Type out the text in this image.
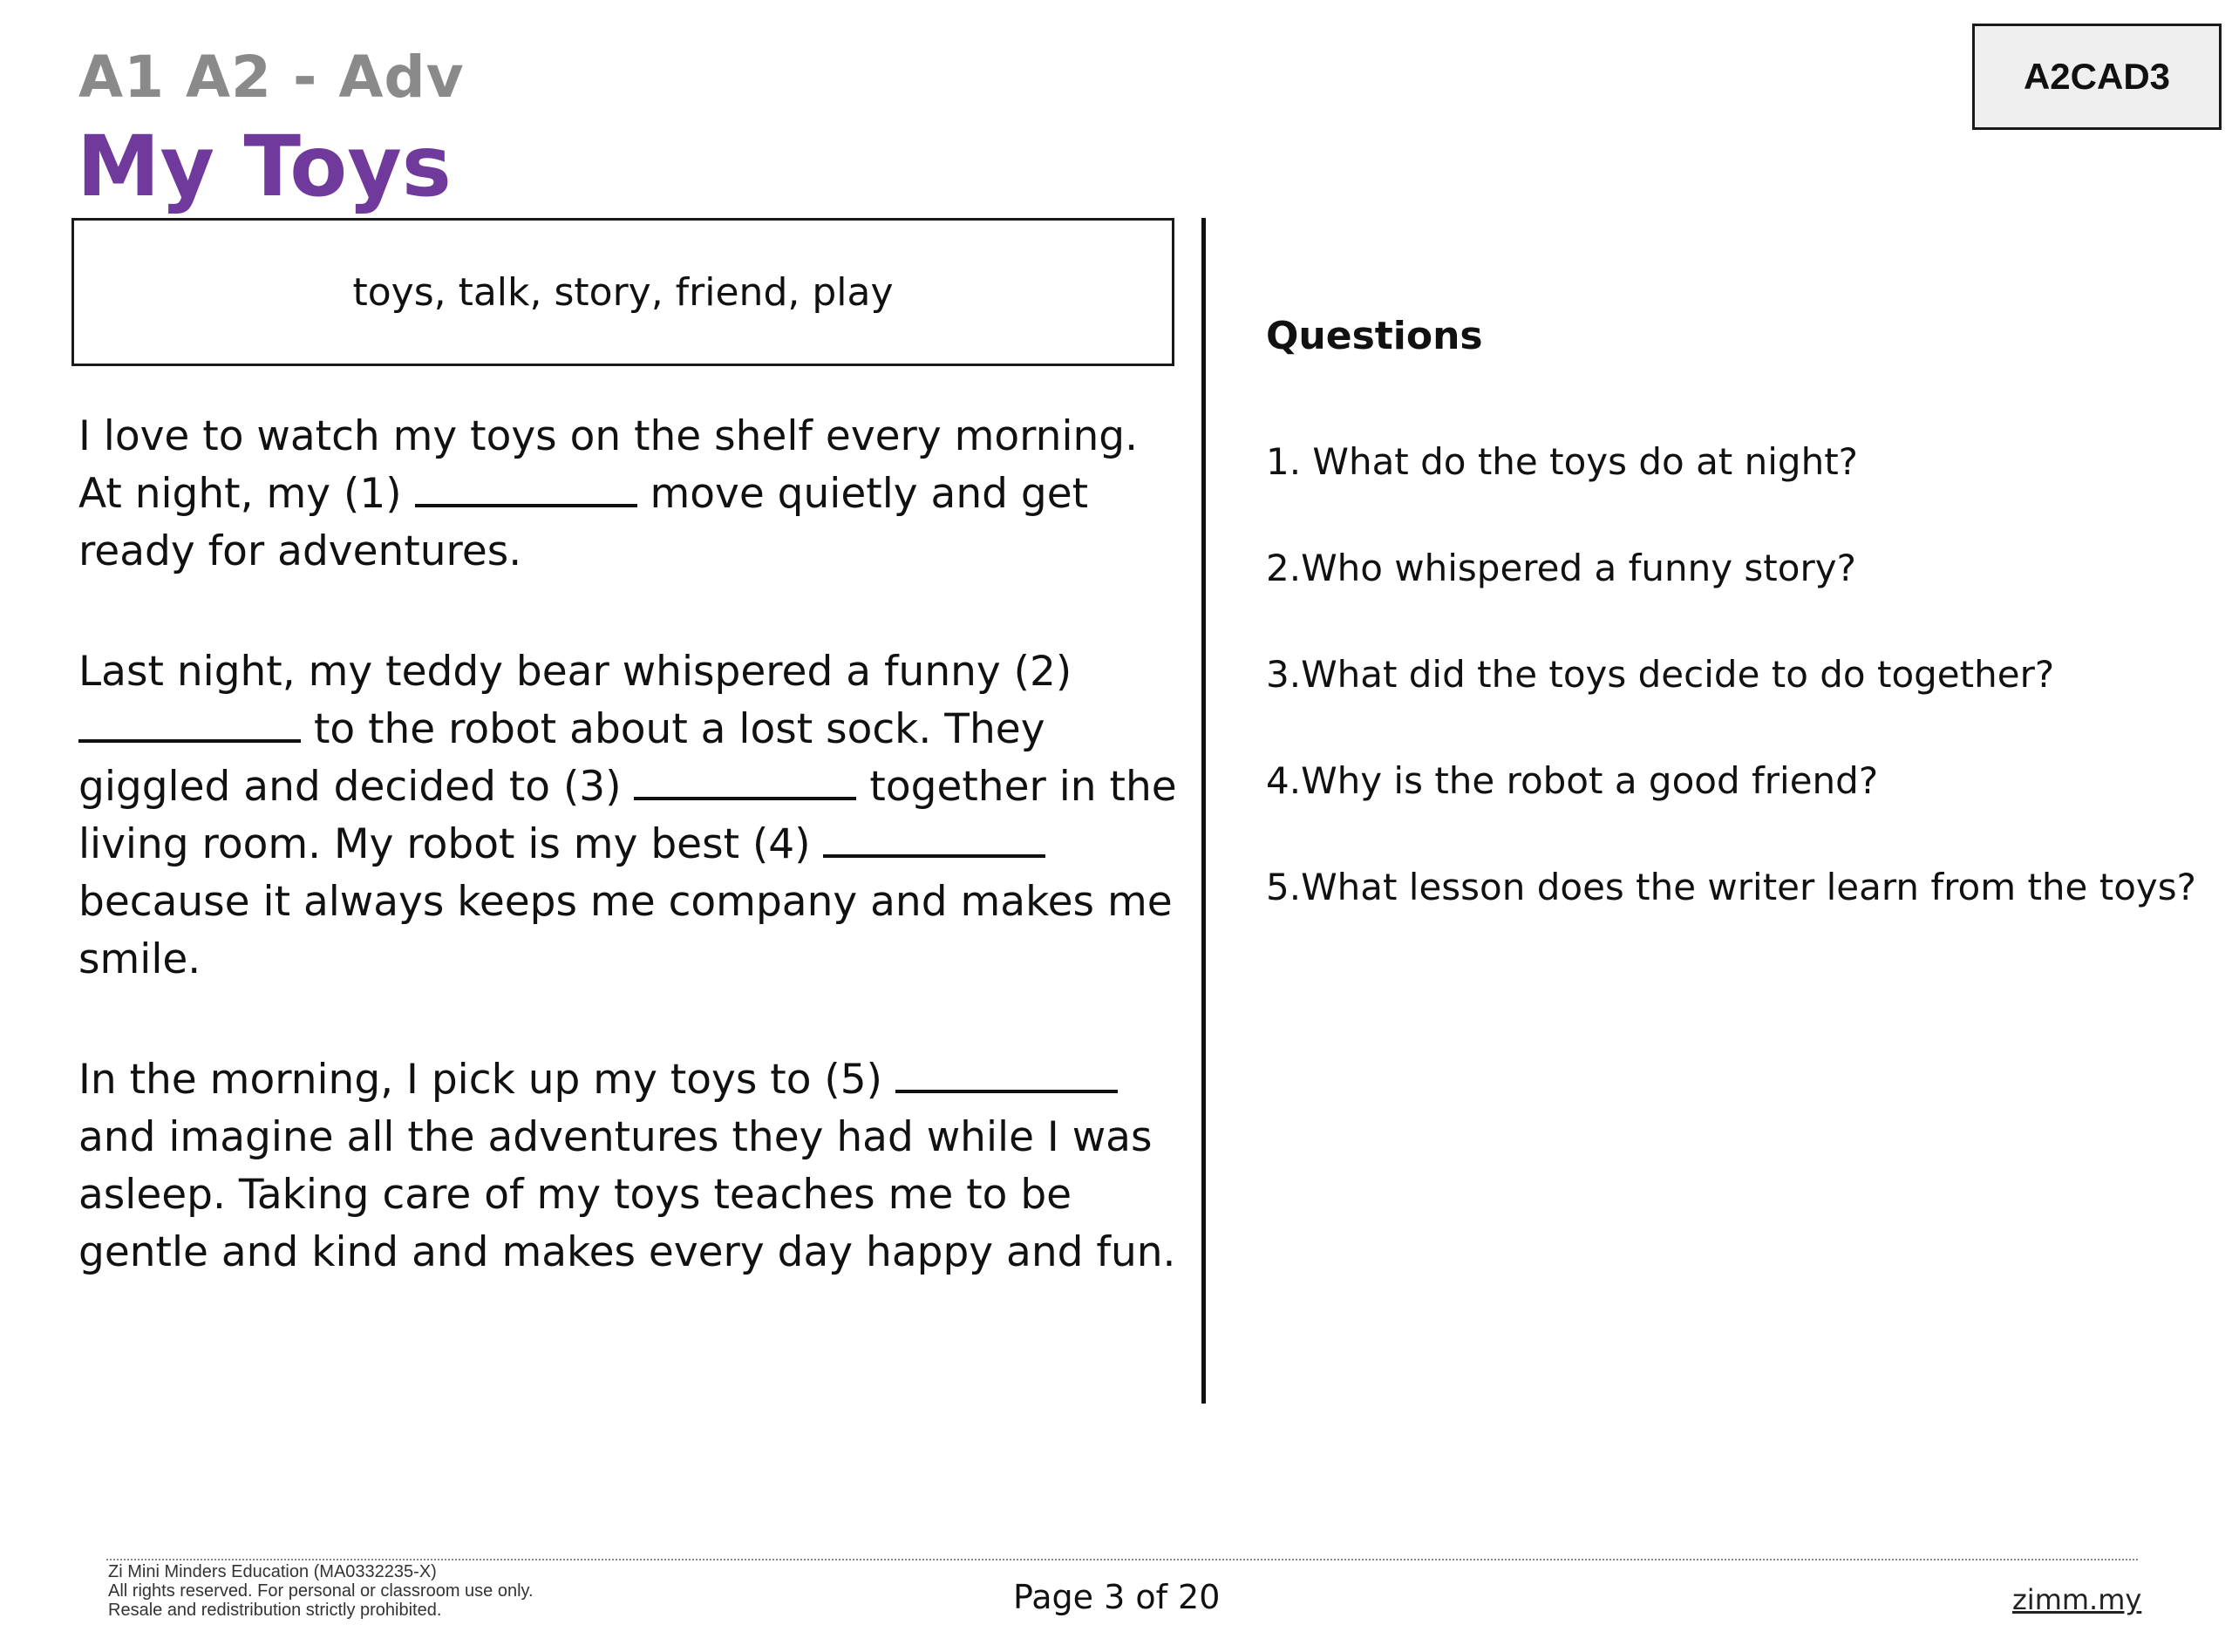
A1 A2 - Adv
My Toys
A2CAD3
toys, talk, story, friend, play

I love to watch my toys on the shelf every morning. At night, my (1)	move quietly and get ready for adventures.

Last night, my teddy bear whispered a funny (2)  to the robot about a lost sock. They giggled and decided to (3)	together in the living room. My robot is my best (4)  because it always keeps me company and makes me smile.

In the morning, I pick up my toys to (5)  and imagine all the adventures they had while I was asleep. Taking care of my toys teaches me to be gentle and kind and makes every day happy and fun.

Questions
1. What do the toys do at night?
2.Who whispered a funny story?
3.What did the toys decide to do together?
4.Why is the robot a good friend?
5.What lesson does the writer learn from the toys?
Zi Mini Minders Education (MA0332235-X)
All rights reserved. For personal or classroom use only.
Resale and redistribution strictly prohibited.	Page 3 of 20	zimm.my
